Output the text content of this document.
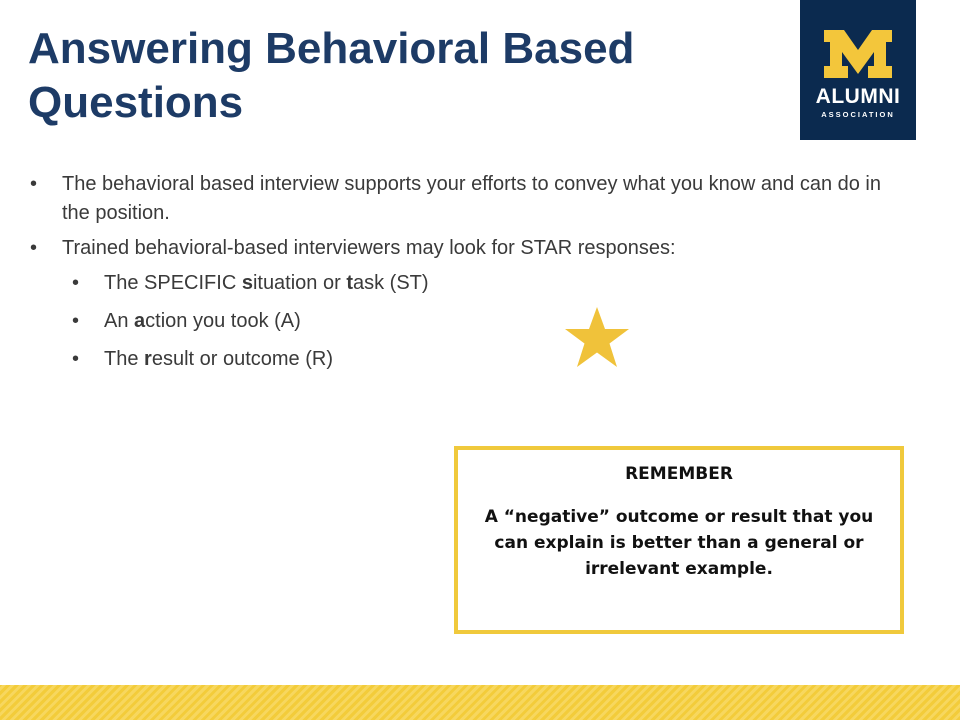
Answering Behavioral Based Questions	ALUMNI
ASSOCIATION
• The behavioral based interview supports your efforts to convey what you know and can do in the position.
• Trained behavioral-based interviewers may look for STAR responses:
• The SPECIFIC situation or task (ST)
• An action you took (A)
• The result or outcome (R)
REMEMBER
A “negative” outcome or result that you can explain is better than a general or irrelevant example.
